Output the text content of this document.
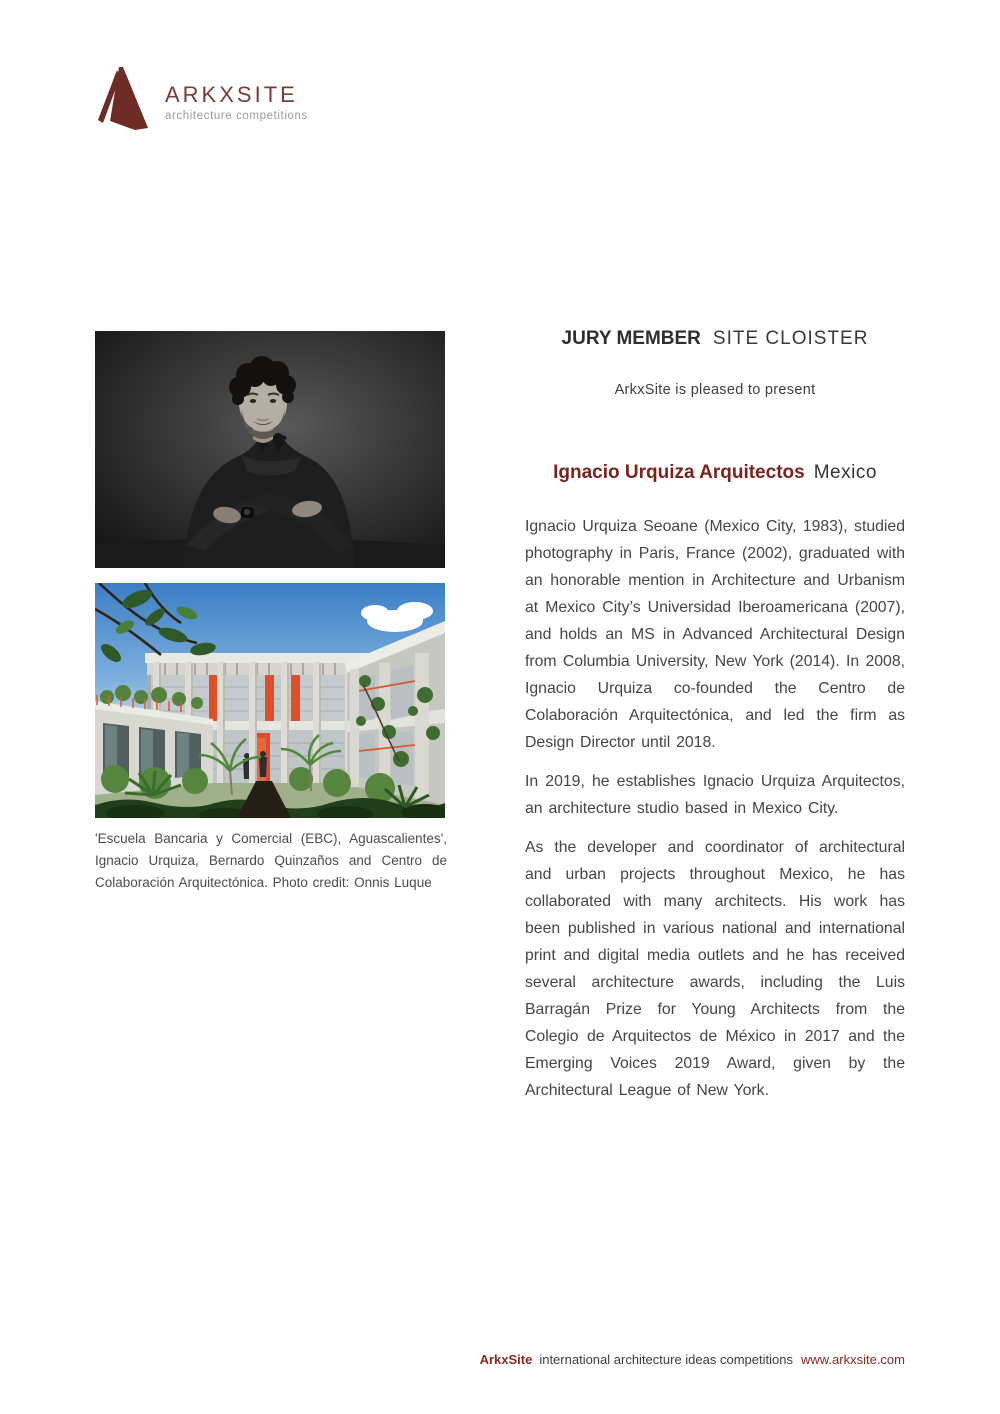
ARKXSITE
architecture competitions
'Escuela Bancaria y Comercial (EBC), Aguascalientes', Ignacio Urquiza, Bernardo Quinzaños and Centro de Colaboración Arquitectónica. Photo credit: Onnis Luque
JURY MEMBER SITE CLOISTER
ArkxSite is pleased to present
Ignacio Urquiza Arquitectos Mexico

Ignacio Urquiza Seoane (Mexico City, 1983), studied photography in Paris, France (2002), graduated with an honorable mention in Architecture and Urbanism at Mexico City’s Universidad Iberoamericana (2007), and holds an MS in Advanced Architectural Design from Columbia University, New York (2014). In 2008, Ignacio Urquiza co-founded the Centro de Colaboración Arquitectónica, and led the firm as Design Director until 2018.

In 2019, he establishes Ignacio Urquiza Arquitectos, an architecture studio based in Mexico City.

As the developer and coordinator of architectural and urban projects throughout Mexico, he has collaborated with many architects. His work has been published in various national and international print and digital media outlets and he has received several architecture awards, including the Luis Barragán Prize for Young Architects from the Colegio de Arquitectos de México in 2017 and the Emerging Voices 2019 Award, given by the Architectural League of New York.

ArkxSite international architecture ideas competitions www.arkxsite.com
